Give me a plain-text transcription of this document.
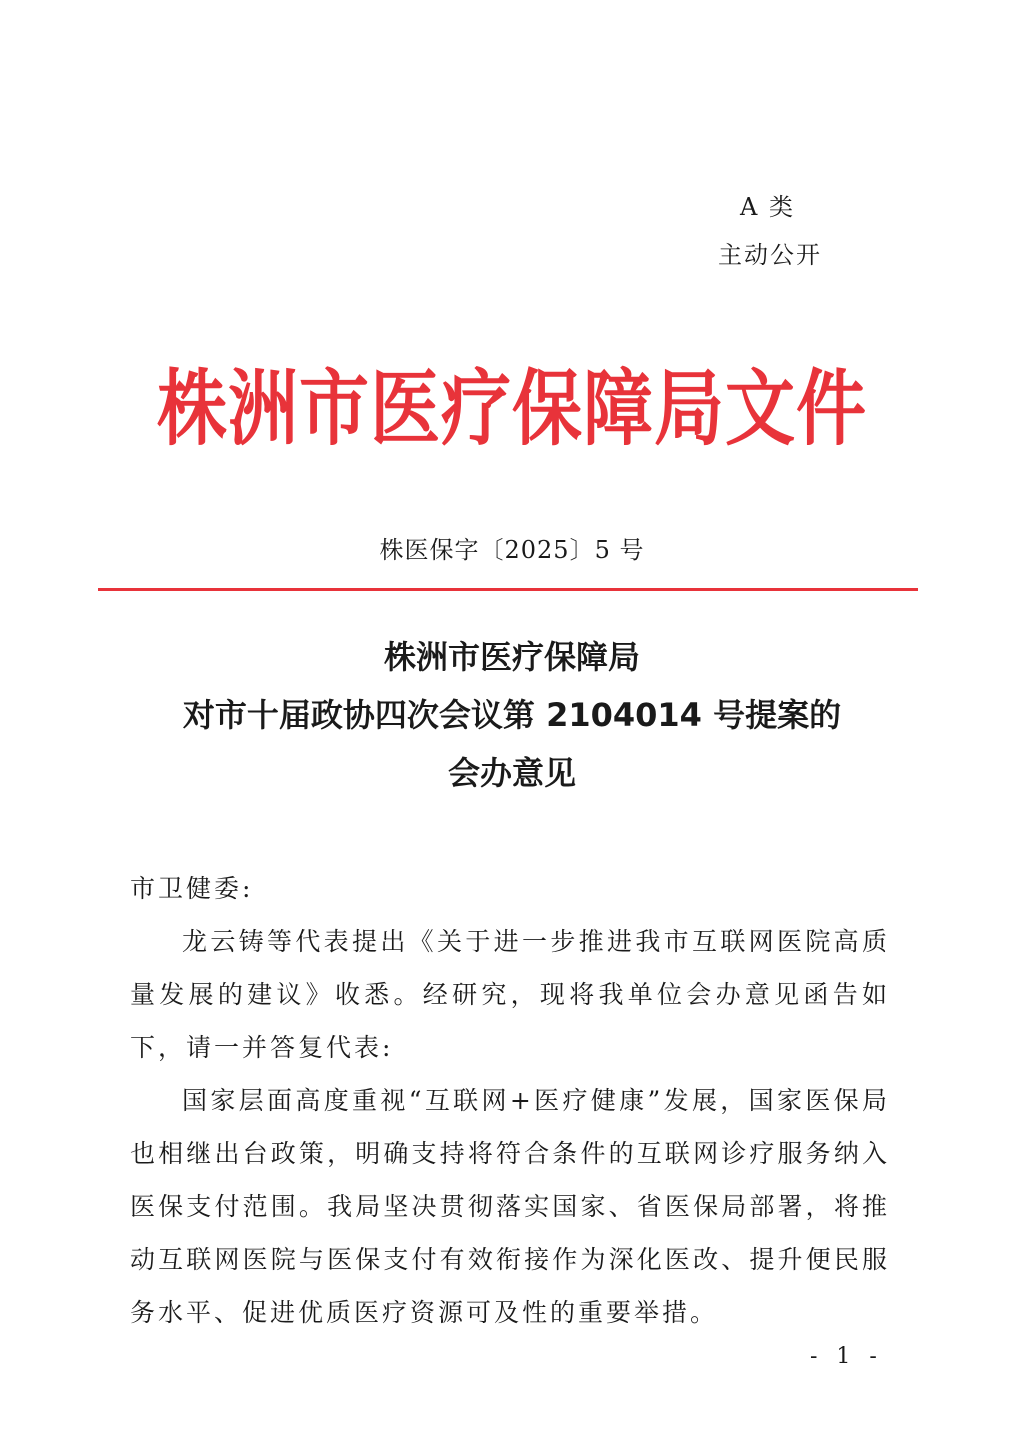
A 类
主动公开
株洲市医疗保障局文件
株医保字〔2025〕5 号
株洲市医疗保障局
对市十届政协四次会议第 2104014 号提案的
会办意见

市卫健委:

龙云铸等代表提出《关于进一步推进我市互联网医院高质量发展的建议》收悉。经研究，现将我单位会办意见函告如下，请一并答复代表:

国家层面高度重视“互联网+医疗健康”发展，国家医保局也相继出台政策，明确支持将符合条件的互联网诊疗服务纳入医保支付范围。我局坚决贯彻落实国家、省医保局部署，将推动互联网医院与医保支付有效衔接作为深化医改、提升便民服务水平、促进优质医疗资源可及性的重要举措。

- 1 -
